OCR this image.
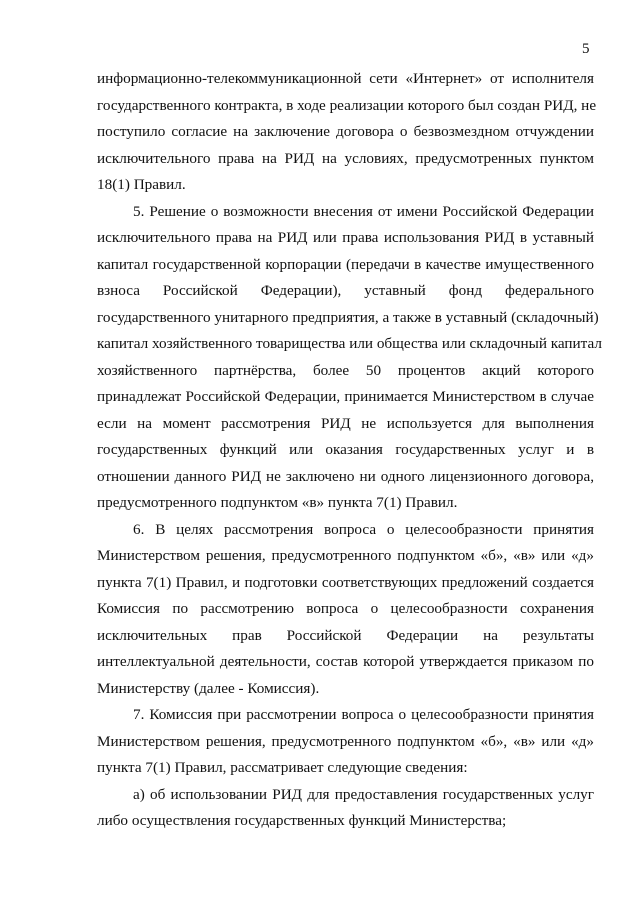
5
информационно-телекоммуникационной сети «Интернет» от исполнителя
государственного контракта, в ходе реализации которого был создан РИД, не
поступило согласие на заключение договора о безвозмездном отчуждении
исключительного права на РИД на условиях, предусмотренных пунктом
18(1) Правил.
5. Решение о возможности внесения от имени Российской Федерации
исключительного права на РИД или права использования РИД в уставный
капитал государственной корпорации (передачи в качестве имущественного
взноса Российской Федерации), уставный фонд федерального
государственного унитарного предприятия, а также в уставный (складочный)
капитал хозяйственного товарищества или общества или складочный капитал
хозяйственного партнёрства, более 50 процентов акций которого
принадлежат Российской Федерации, принимается Министерством в случае
если на момент рассмотрения РИД не используется для выполнения
государственных функций или оказания государственных услуг и в
отношении данного РИД не заключено ни одного лицензионного договора,
предусмотренного подпунктом «в» пункта 7(1) Правил.
6. В целях рассмотрения вопроса о целесообразности принятия
Министерством решения, предусмотренного подпунктом «б», «в» или «д»
пункта 7(1) Правил, и подготовки соответствующих предложений создается
Комиссия по рассмотрению вопроса о целесообразности сохранения
исключительных прав Российской Федерации на результаты
интеллектуальной деятельности, состав которой утверждается приказом по
Министерству (далее - Комиссия).
7. Комиссия при рассмотрении вопроса о целесообразности принятия
Министерством решения, предусмотренного подпунктом «б», «в» или «д»
пункта 7(1) Правил, рассматривает следующие сведения:
а) об использовании РИД для предоставления государственных услуг
либо осуществления государственных функций Министерства;
